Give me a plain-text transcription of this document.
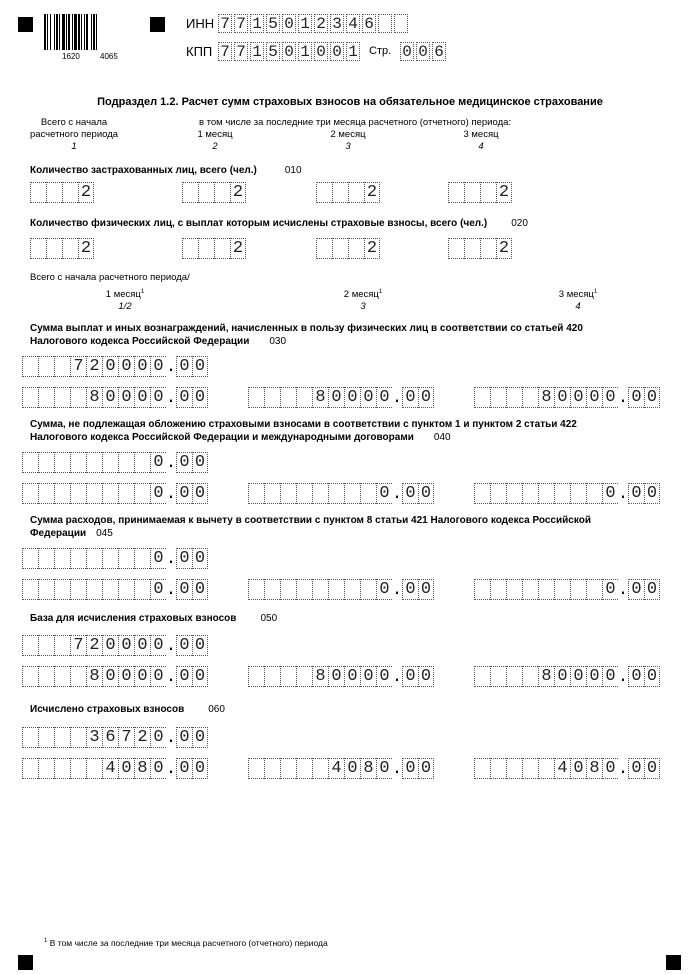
1620	4065
ИНН 7 7 1 5 0 1 2 3 4 6
КПП 7 7 1 5 0 1 0 0 1 Стр. 0 0 6
Подраздел 1.2. Расчет сумм страховых взносов на обязательное медицинское страхование
Всего с начала
расчетного периода
1
в том числе за последние три месяца расчетного (отчетного) периода:
1 месяц
2
2 месяц
3
3 месяц
4
Количество застрахованных лиц, всего (чел.)	010
2	2	2	2
Количество физических лиц, с выплат которым исчислены страховые взносы, всего (чел.) 020
2	2	2	2
Всего с начала расчетного периода/
1 месяц$^1$
1/2
2 месяц$^1$
3
3 месяц$^1$
4
Сумма выплат и иных вознаграждений, начисленных в пользу физических лиц в соответствии со статьей 420
Налогового кодекса Российской Федерации 030
Сумма, не подлежащая обложению страховыми взносами в соответствии с пунктом 1 и пунктом 2 статьи 422
Налогового кодекса Российской Федерации и международными договорами 040
Сумма расходов, принимаемая к вычету в соответствии с пунктом 8 статьи 421 Налогового кодекса Российской
Федерации 045
База для исчисления страховых взносов 050
Исчислено страховых взносов 060
7 2 0 0 0 0 . 0 0
8 0 0 0 0 . 0 0	8 0 0 0 0 . 0 0	8 0 0 0 0 . 0 0
0 . 0 0
0 . 0 0	0 . 0 0	0 . 0 0
0 . 0 0
0 . 0 0	0 . 0 0	0 . 0 0
7 2 0 0 0 0 . 0 0
8 0 0 0 0 . 0 0	8 0 0 0 0 . 0 0	8 0 0 0 0 . 0 0
3 6 7 2 0 . 0 0
4 0 8 0 . 0 0	4 0 8 0 . 0 0	4 0 8 0 . 0 0
$^1$ В том числе за последние три месяца расчетного (отчетного) периода
